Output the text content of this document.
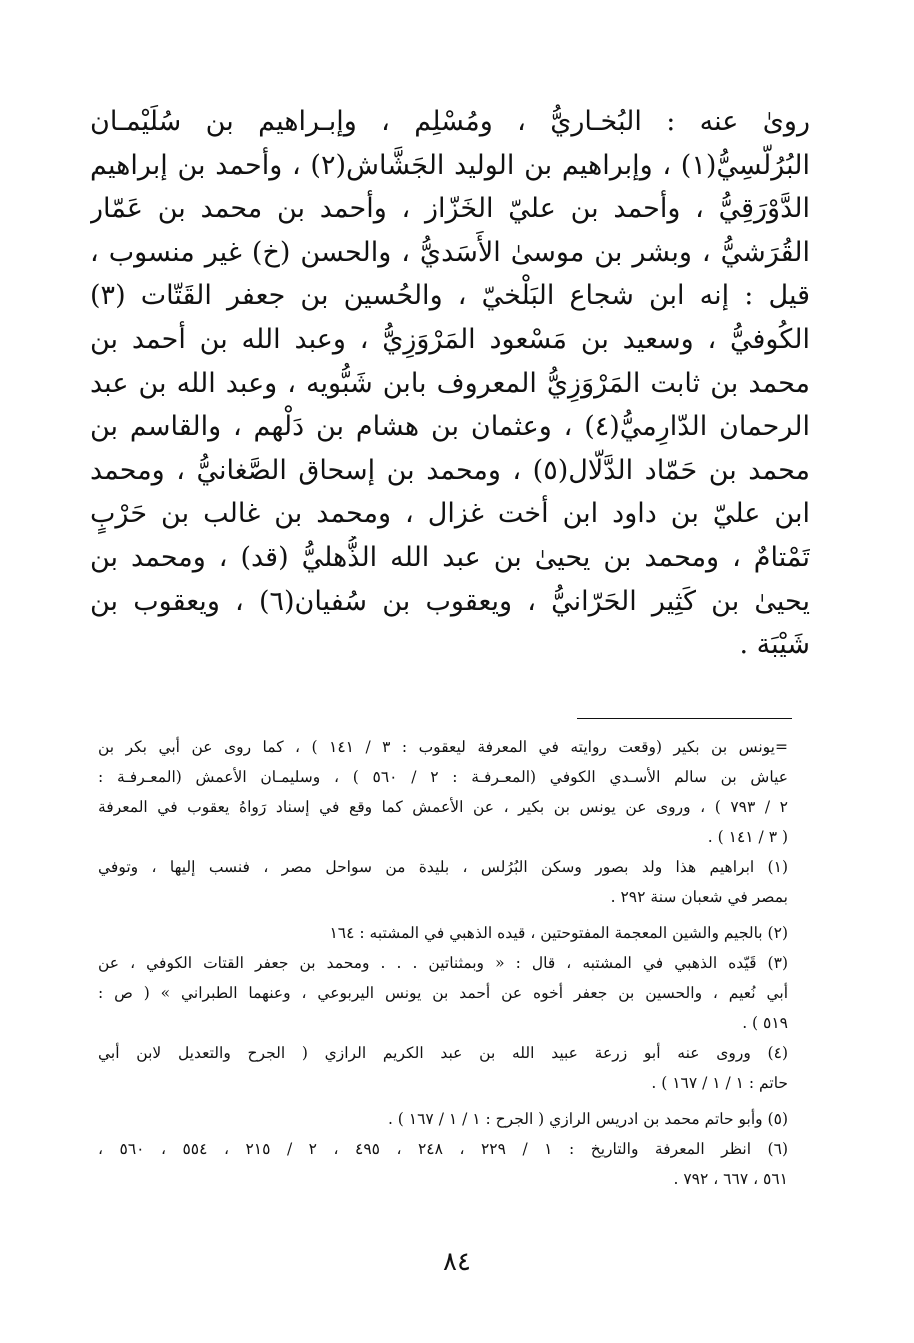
روىٰ عنه : البُخـاريُّ ، ومُسْلِم ، وإبـراهيم بن سُلَيْمـان
البُرُلُّسِيُّ(١) ، وإبراهيم بن الوليد الجَشَّاش(٢) ، وأحمد بن إبراهيم
الدَّوْرَقِيُّ ، وأحمد بن عليّ الخَزّاز ، وأحمد بن محمد بن عَمّار
القُرَشيُّ ، وبشر بن موسىٰ الأَسَديُّ ، والحسن (خ) غير منسوب ،
قيل : إنه ابن شجاع البَلْخيّ ، والحُسين بن جعفر القَتّات (٣)
الكُوفيُّ ، وسعيد بن مَسْعود المَرْوَزِيُّ ، وعبد الله بن أحمد بن
محمد بن ثابت المَرْوَزِيُّ المعروف بابن شَبُّويه ، وعبد الله بن عبد
الرحمان الدّارِميُّ(٤) ، وعثمان بن هشام بن دَلْهم ، والقاسم بن
محمد بن حَمّاد الدَّلّال(٥) ، ومحمد بن إسحاق الصَّغانيُّ ، ومحمد
ابن عليّ بن داود ابن أخت غزال ، ومحمد بن غالب بن حَرْبٍ
تَمْتامٌ ، ومحمد بن يحيىٰ بن عبد الله الذُّهليُّ (قد) ، ومحمد بن
يحيىٰ بن كَثِير الحَرّانيُّ ، ويعقوب بن سُفيان(٦) ، ويعقوب بن
شَيْبَة .
=يونس بن بكير (وقعت روايته في المعرفة ليعقوب : ٣ / ١٤١ ) ، كما روى عن أبي بكر بن
عياش بن سالم الأسـدي الكوفي (المعـرفـة : ٢ / ٥٦٠ ) ، وسليمـان الأعمش (المعـرفـة :
٢ / ٧٩٣ ) ، وروى عن يونس بن بكير ، عن الأعمش كما وقع في إسناد رَواهُ يعقوب في المعرفة
( ٣ / ١٤١ ) .
(١) ابراهيم هذا ولد بصور وسكن البُرُلس ، بليدة من سواحل مصر ، فنسب إليها ، وتوفي
بمصر في شعبان سنة ٢٩٢ .
(٢) بالجيم والشين المعجمة المفتوحتين ، قيده الذهبي في المشتبه : ١٦٤
(٣) قَيّده الذهبي في المشتبه ، قال : « وبمثناتين . . . ومحمد بن جعفر القتات الكوفي ، عن
أبي نُعيم ، والحسين بن جعفر أخوه عن أحمد بن يونس اليربوعي ، وعنهما الطبراني » ( ص :
٥١٩ ) .
(٤) وروى عنه أبو زرعة عبيد الله بن عبد الكريم الرازي ( الجرح والتعديل لابن أبي
حاتم : ١ / ١ / ١٦٧ ) .
(٥) وأبو حاتم محمد بن ادريس الرازي ( الجرح : ١ / ١ / ١٦٧ ) .
(٦) انظر المعرفة والتاريخ : ١ / ٢٢٩ ، ٢٤٨ ، ٤٩٥ ، ٢ / ٢١٥ ، ٥٥٤ ، ٥٦٠ ،
٥٦١ ، ٦٦٧ ، ٧٩٢ .
٨٤
